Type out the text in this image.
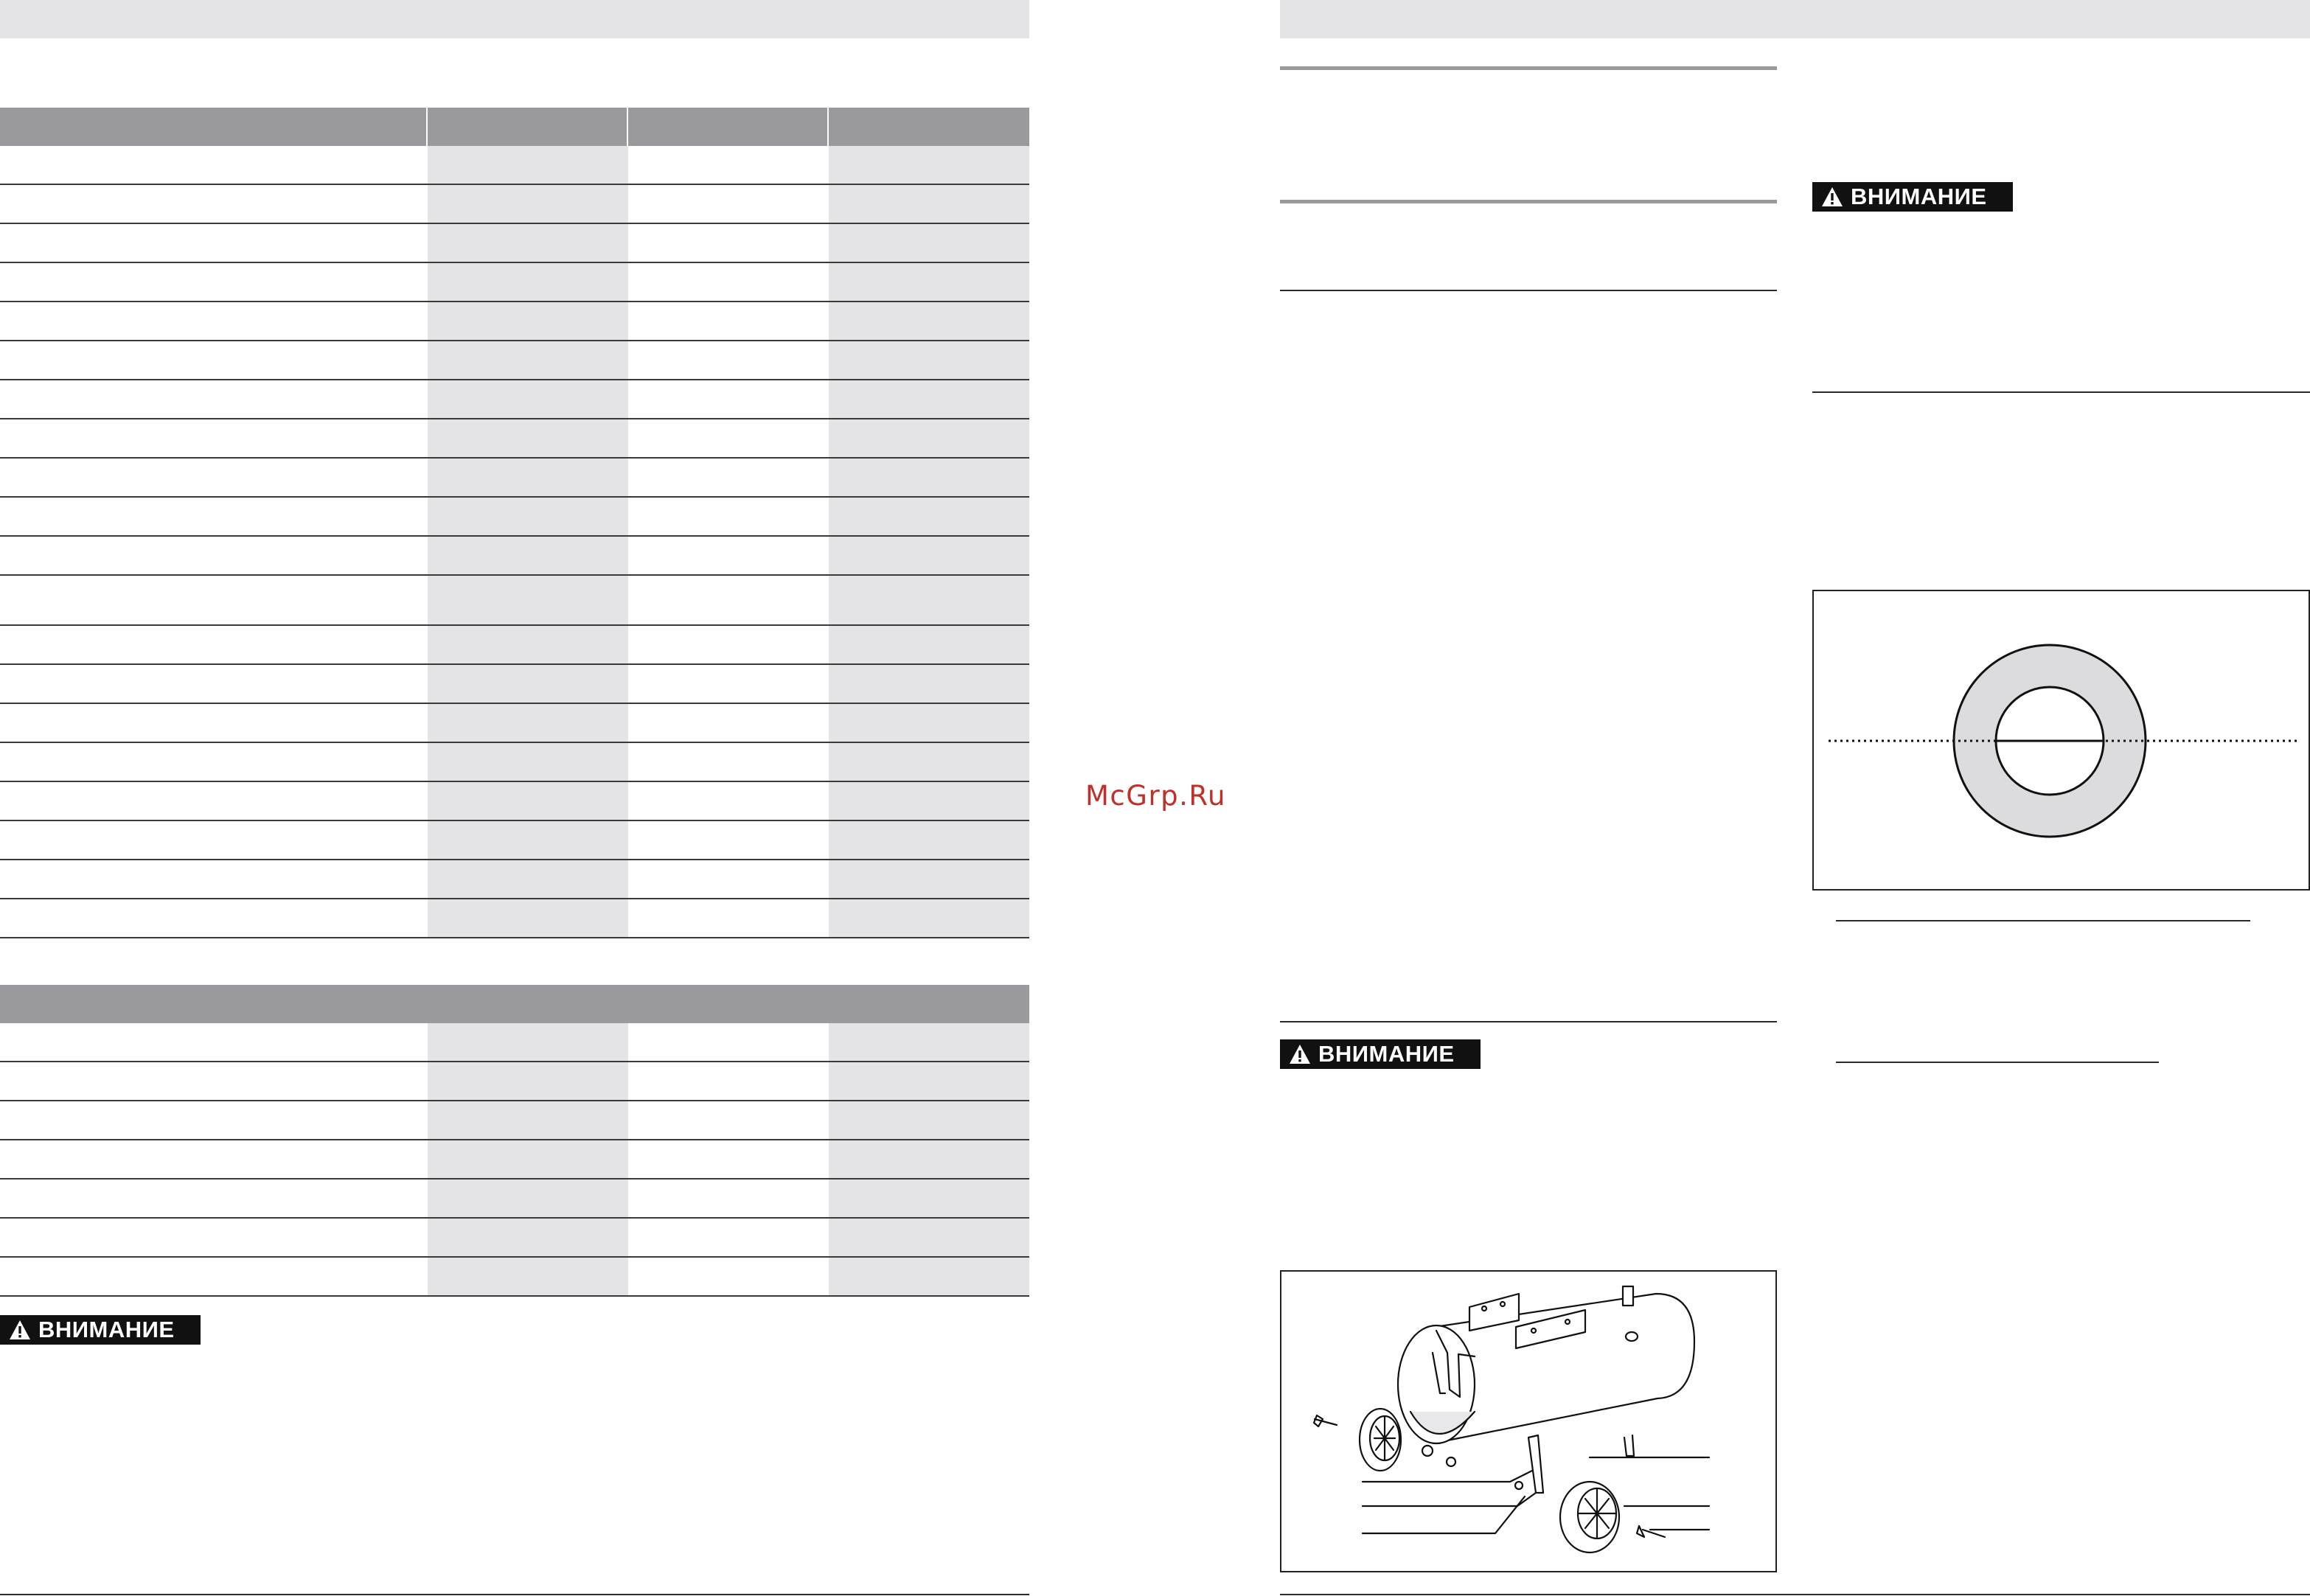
ВНИМАНИЕ
ВНИМАНИЕ
ВНИМАНИЕ
McGrp.Ru
